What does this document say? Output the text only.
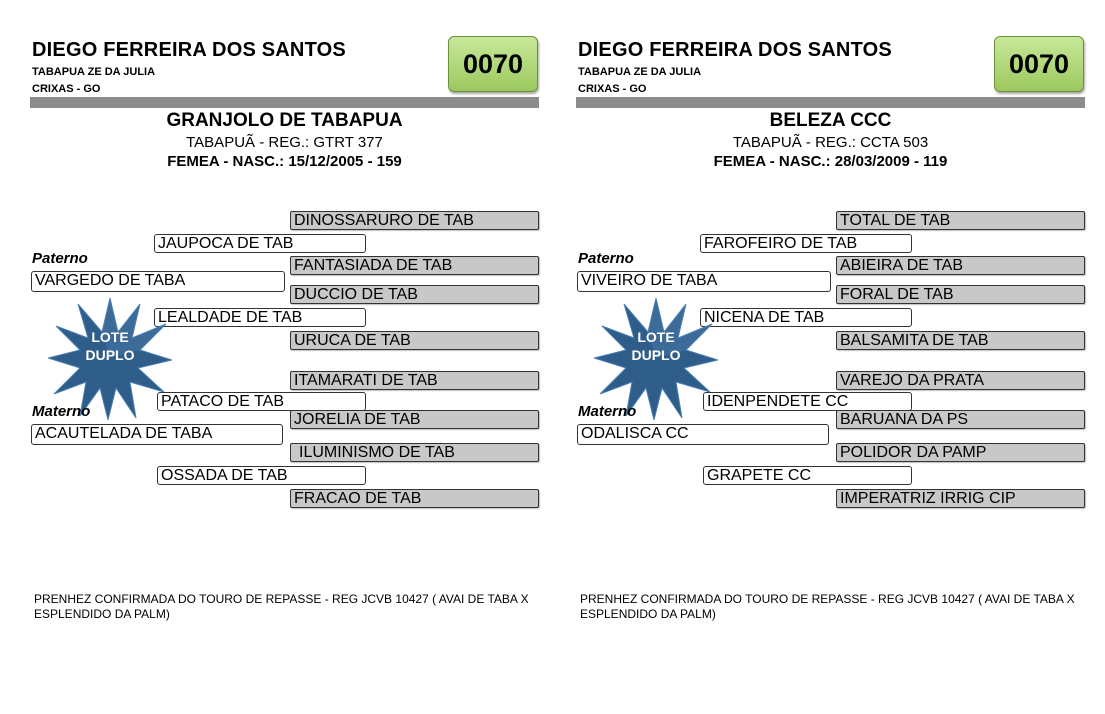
DIEGO FERREIRA DOS SANTOS
TABAPUA ZE DA JULIA
CRIXAS - GO
0070
GRANJOLO DE TABAPUA
TABAPUÃ - REG.: GTRT 377
FEMEA - NASC.: 15/12/2005 - 159
DINOSSARURO DE TAB
JAUPOCA DE TAB
Paterno	FANTASIADA DE TAB
VARGEDO DE TABA
DUCCIO DE TAB
LEALDADE DE TAB
URUCA DE TAB
LOTE
DUPLO
ITAMARATI DE TAB
PATACO DE TAB
Materno	JORELIA DE TAB
ACAUTELADA DE TABA
ILUMINISMO DE TAB
OSSADA DE TAB
FRACAO DE TAB
PRENHEZ CONFIRMADA DO TOURO DE REPASSE - REG JCVB 10427 ( AVAI DE TABA X ESPLENDIDO DA PALM)
DIEGO FERREIRA DOS SANTOS
TABAPUA ZE DA JULIA
CRIXAS - GO
0070
BELEZA CCC
TABAPUÃ - REG.: CCTA 503
FEMEA - NASC.: 28/03/2009 - 119
TOTAL DE TAB
FAROFEIRO DE TAB
Paterno	ABIEIRA DE TAB
VIVEIRO DE TABA
FORAL DE TAB
NICENA DE TAB
BALSAMITA DE TAB
LOTE
DUPLO
VAREJO DA PRATA
IDENPENDETE CC
Materno	BARUANA DA PS
ODALISCA CC
POLIDOR DA PAMP
GRAPETE CC
IMPERATRIZ IRRIG CIP
PRENHEZ CONFIRMADA DO TOURO DE REPASSE - REG JCVB 10427 ( AVAI DE TABA X ESPLENDIDO DA PALM)
